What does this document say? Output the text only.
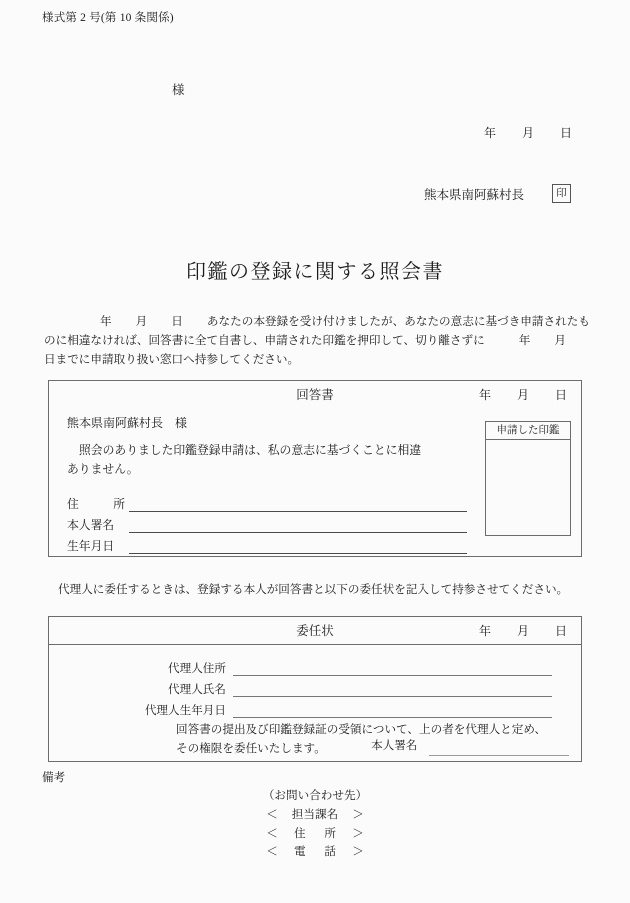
様式第 2 号(第 10 条関係)
様
年 月 日
熊本県南阿蘇村長	印
印鑑の登録に関する照会書
年 月 日 あなたの本登録を受け付けましたが、あなたの意志に基づき申請されたものに相違なければ、回答書に全て自書し、申請された印鑑を押印して、切り離さずに	年 月日までに申請取り扱い窓口へ持参してください。
回答書	年 月 日
熊本県南阿蘇村長　様
照会のありました印鑑登録申請は、私の意志に基づくことに相違
ありません。
住	所
本人署名
生年月日
申請した印鑑
代理人に委任するときは、登録する本人が回答書と以下の委任状を記入して持参させてください。
委任状	年 月 日
代理人住所
代理人氏名
代理人生年月日
回答書の提出及び印鑑登録証の受領について、上の者を代理人と定め、
その権限を委任いたします。	本人署名
備考
（お問い合わせ先）
＜ 担当課名 ＞
＜ 住 所 ＞
＜ 電 話 ＞
